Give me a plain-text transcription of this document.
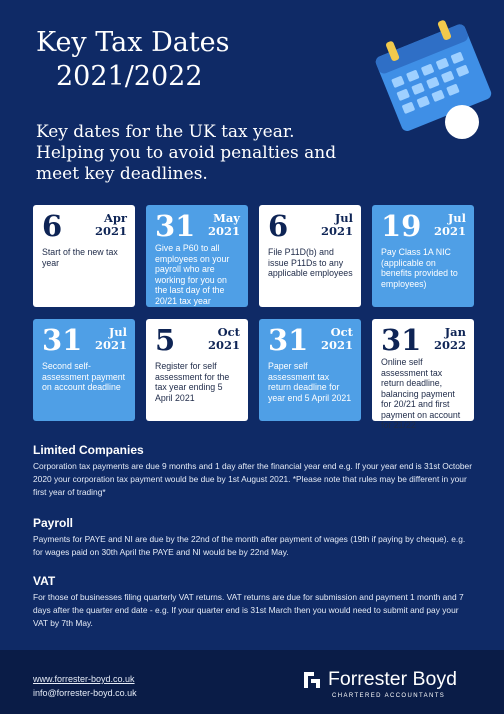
Key Tax Dates
2021/2022
Key dates for the UK tax year. Helping you to avoid penalties and meet key deadlines.
6	Apr
2021
Start of the new tax year
31	May
2021
Give a P60 to all employees on your payroll who are working for you on the last day of the 20/21 tax year
6	Jul
2021
File P11D(b) and issue P11Ds to any applicable employees
19	Jul
2021
Pay Class 1A NIC (applicable on benefits provided to employees)
31	Jul
2021
Second self-assessment payment on account deadline
5	Oct
2021
Register for self assessment for the tax year ending 5 April 2021
31	Oct
2021
Paper self assessment tax return deadline for year end 5 April 2021
31	Jan
2022
Online self assessment tax return deadline, balancing payment for 20/21 and first payment on account for 21/22
Limited Companies
Corporation tax payments are due 9 months and 1 day after the financial year end e.g. If your year end is 31st October 2020 your corporation tax payment would be due by 1st August 2021. *Please note that rules may be different in your first year of trading*
Payroll
Payments for PAYE and NI are due by the 22nd of the month after payment of wages (19th if paying by cheque). e.g. for wages paid on 30th April the PAYE and NI would be by 22nd May.
VAT
For those of businesses filing quarterly VAT returns. VAT returns are due for submission and payment 1 month and 7 days after the quarter end date - e.g. If your quarter end is 31st March then you would need to submit and pay your VAT by 7th May.
www.forrester-boyd.co.uk
info@forrester-boyd.co.uk
Forrester Boyd
CHARTERED ACCOUNTANTS
